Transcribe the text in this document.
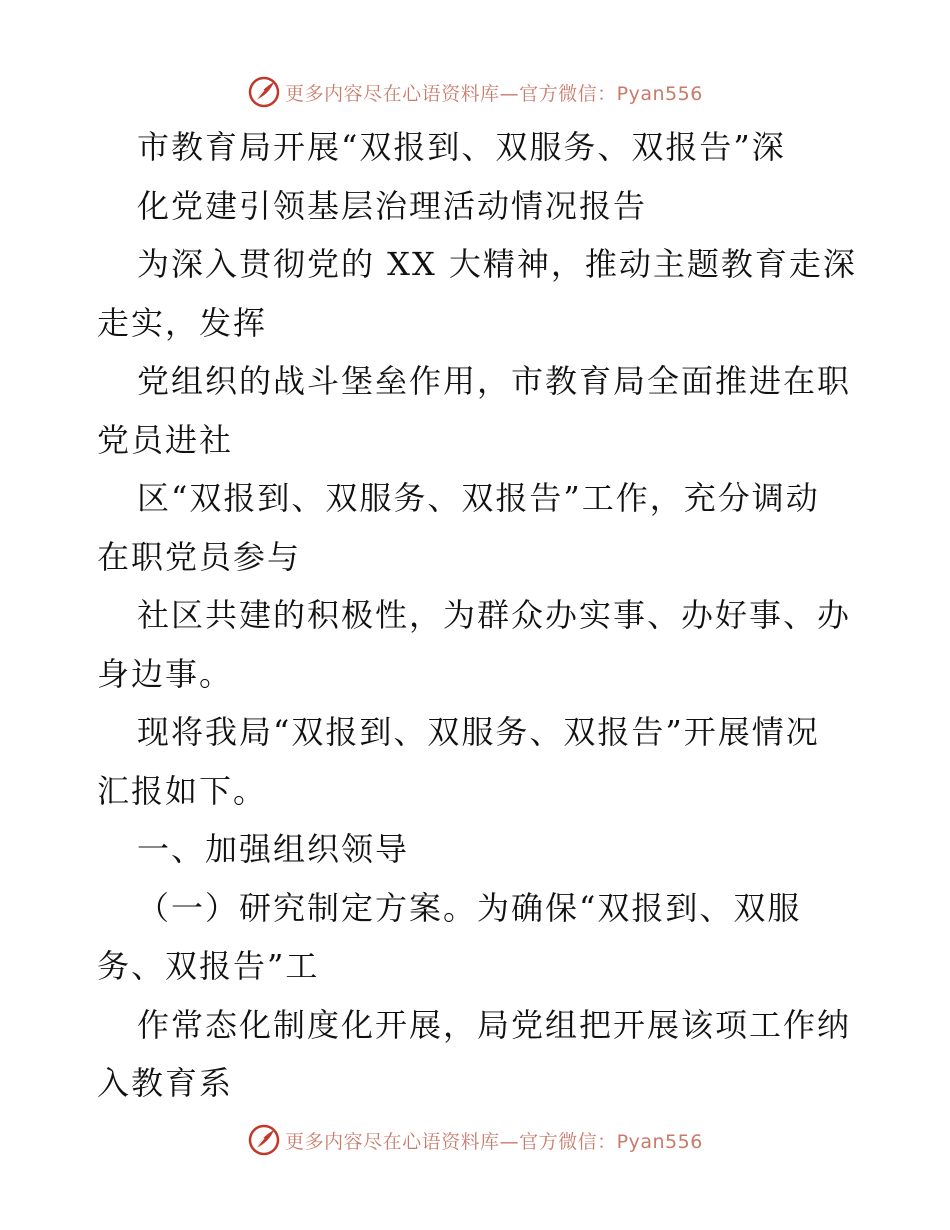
更多内容尽在心语资料库—官方微信：Pyan556
市教育局开展“双报到、双服务、双报告”深
化党建引领基层治理活动情况报告
为深入贯彻党的 XX 大精神，推动主题教育走深
走实，发挥
党组织的战斗堡垒作用，市教育局全面推进在职
党员进社
区“双报到、双服务、双报告”工作，充分调动
在职党员参与
社区共建的积极性，为群众办实事、办好事、办
身边事。
现将我局“双报到、双服务、双报告”开展情况
汇报如下。
一、加强组织领导
（一）研究制定方案。为确保“双报到、双服
务、双报告”工
作常态化制度化开展，局党组把开展该项工作纳
入教育系
更多内容尽在心语资料库—官方微信：Pyan556
